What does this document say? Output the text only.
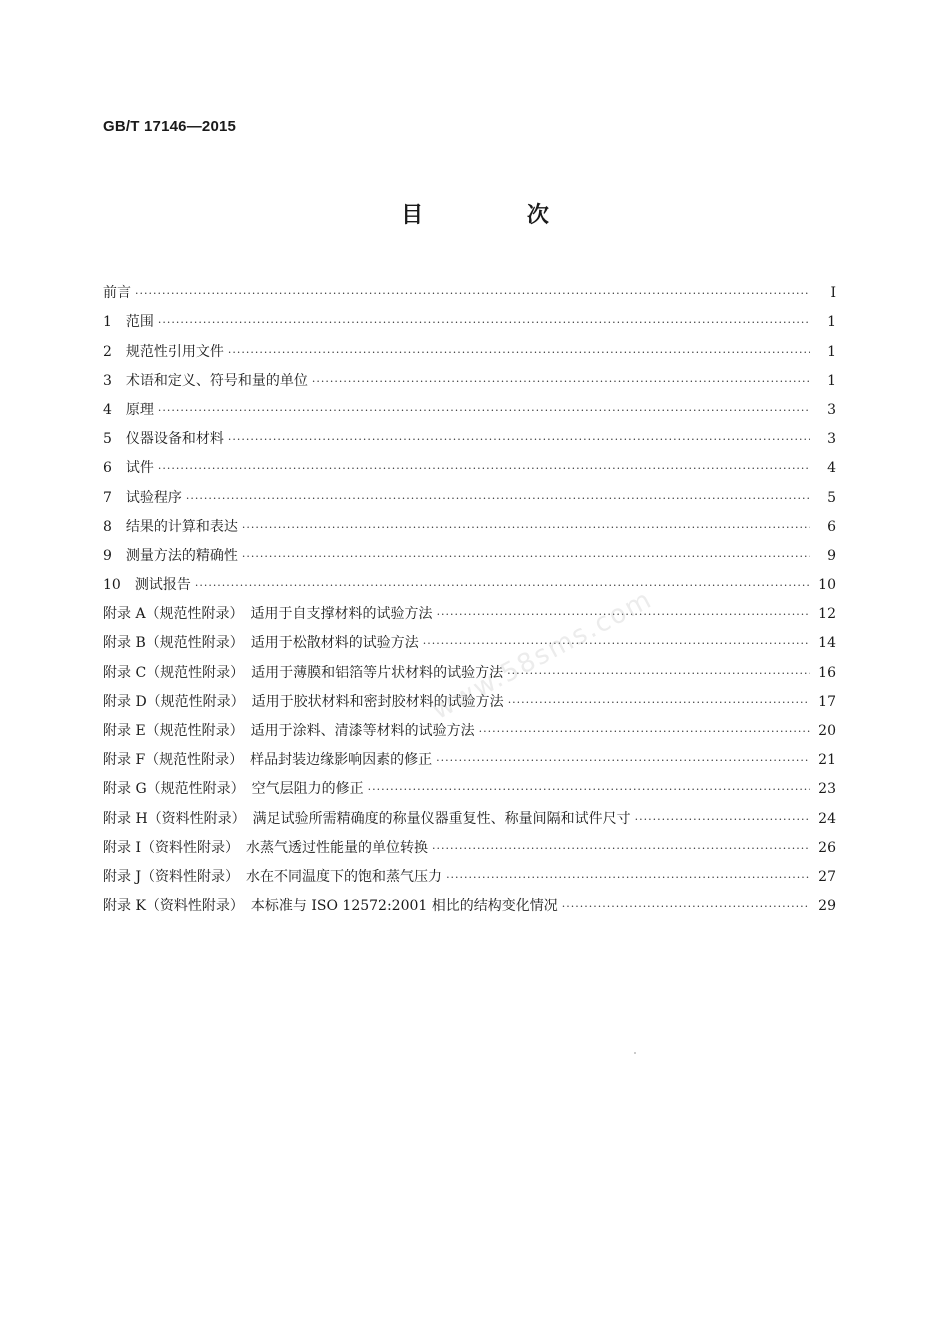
GB/T 17146—2015
目 次
前言 ·····	Ⅰ
1　范围 ·····	1
2　规范性引用文件 ·····	1
3　术语和定义、符号和量的单位 ·····	1
4　原理 ·····	3
5　仪器设备和材料 ·····	3
6　试件 ·····	4
7　试验程序 ·····	5
8　结果的计算和表达 ·····	6
9　测量方法的精确性 ·····	9
10　测试报告 ·····	10
附录 A（规范性附录）　适用于自支撑材料的试验方法 ·····	12
附录 B（规范性附录）　适用于松散材料的试验方法 ·····	14
附录 C（规范性附录）　适用于薄膜和铝箔等片状材料的试验方法 ·····	16
附录 D（规范性附录）　适用于胶状材料和密封胶材料的试验方法 ·····	17
附录 E（规范性附录）　适用于涂料、清漆等材料的试验方法 ·····	20
附录 F（规范性附录）　样品封装边缘影响因素的修正 ·····	21
附录 G（规范性附录）　空气层阻力的修正 ·····	23
附录 H（资料性附录）　满足试验所需精确度的称量仪器重复性、称量间隔和试件尺寸 ·····	24
附录 I（资料性附录）　水蒸气透过性能量的单位转换 ·····	26
附录 J（资料性附录）　水在不同温度下的饱和蒸气压力 ·····	27
附录 K（资料性附录）　本标准与 ISO 12572:2001 相比的结构变化情况 ·····	29
www.58sms.com
